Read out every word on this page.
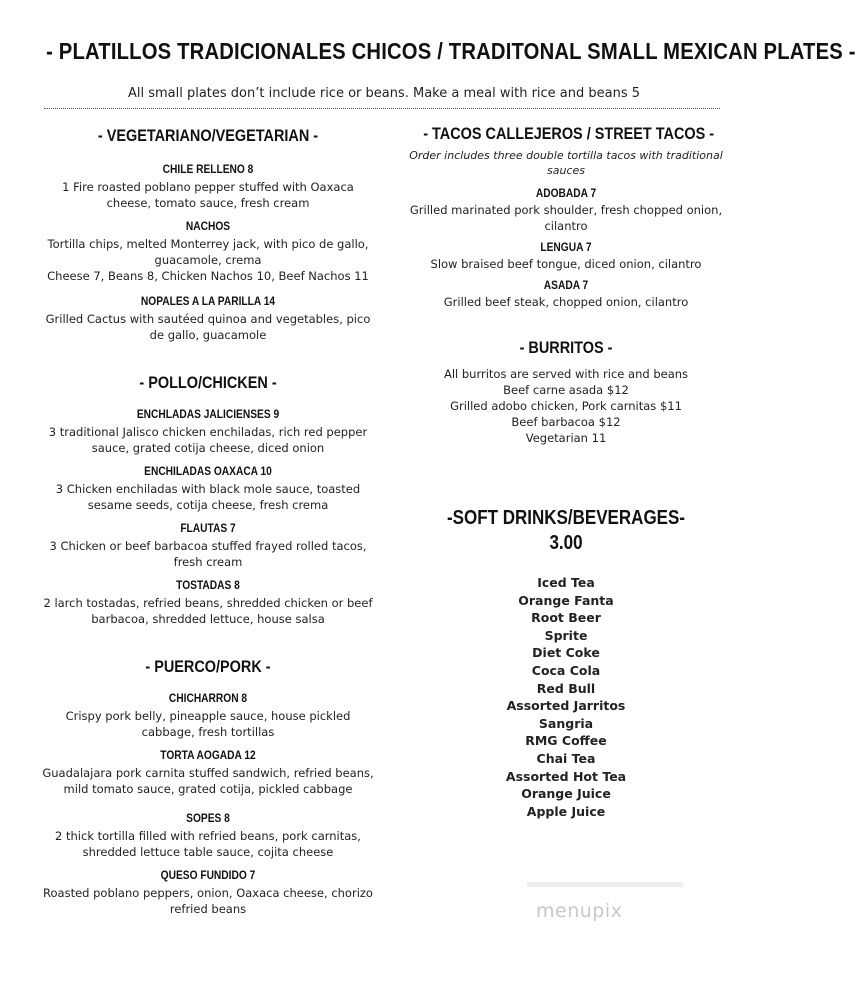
- PLATILLOS TRADICIONALES CHICOS / TRADITONAL SMALL MEXICAN PLATES -
All small plates don’t include rice or beans. Make a meal with rice and beans 5
- VEGETARIANO/VEGETARIAN -
CHILE RELLENO 8
1 Fire roasted poblano pepper stuffed with Oaxaca
cheese, tomato sauce, fresh cream
NACHOS
Tortilla chips, melted Monterrey jack, with pico de gallo,
guacamole, crema
Cheese 7, Beans 8, Chicken Nachos 10, Beef Nachos 11
NOPALES A LA PARILLA 14
Grilled Cactus with sautéed quinoa and vegetables, pico
de gallo, guacamole
- POLLO/CHICKEN -
ENCHLADAS JALICIENSES 9
3 traditional Jalisco chicken enchiladas, rich red pepper
sauce, grated cotija cheese, diced onion
ENCHILADAS OAXACA 10
3 Chicken enchiladas with black mole sauce, toasted
sesame seeds, cotija cheese, fresh crema
FLAUTAS 7
3 Chicken or beef barbacoa stuffed frayed rolled tacos,
fresh cream
TOSTADAS 8
2 larch tostadas, refried beans, shredded chicken or beef
barbacoa, shredded lettuce, house salsa
- PUERCO/PORK -
CHICHARRON 8
Crispy pork belly, pineapple sauce, house pickled
cabbage, fresh tortillas
TORTA AOGADA 12
Guadalajara pork carnita stuffed sandwich, refried beans,
mild tomato sauce, grated cotija, pickled cabbage
SOPES 8
2 thick tortilla filled with refried beans, pork carnitas,
shredded lettuce table sauce, cojita cheese
QUESO FUNDIDO 7
Roasted poblano peppers, onion, Oaxaca cheese, chorizo
refried beans
- TACOS CALLEJEROS / STREET TACOS -
Order includes three double tortilla tacos with traditional
sauces
ADOBADA 7
Grilled marinated pork shoulder, fresh chopped onion,
cilantro
LENGUA 7
Slow braised beef tongue, diced onion, cilantro
ASADA 7
Grilled beef steak, chopped onion, cilantro
- BURRITOS -
All burritos are served with rice and beans
Beef carne asada $12
Grilled adobo chicken, Pork carnitas $11
Beef barbacoa $12
Vegetarian 11
-SOFT DRINKS/BEVERAGES-
3.00
Iced Tea
Orange Fanta
Root Beer
Sprite
Diet Coke
Coca Cola
Red Bull
Assorted Jarritos
Sangria
RMG Coffee
Chai Tea
Assorted Hot Tea
Orange Juice
Apple Juice
menupix
